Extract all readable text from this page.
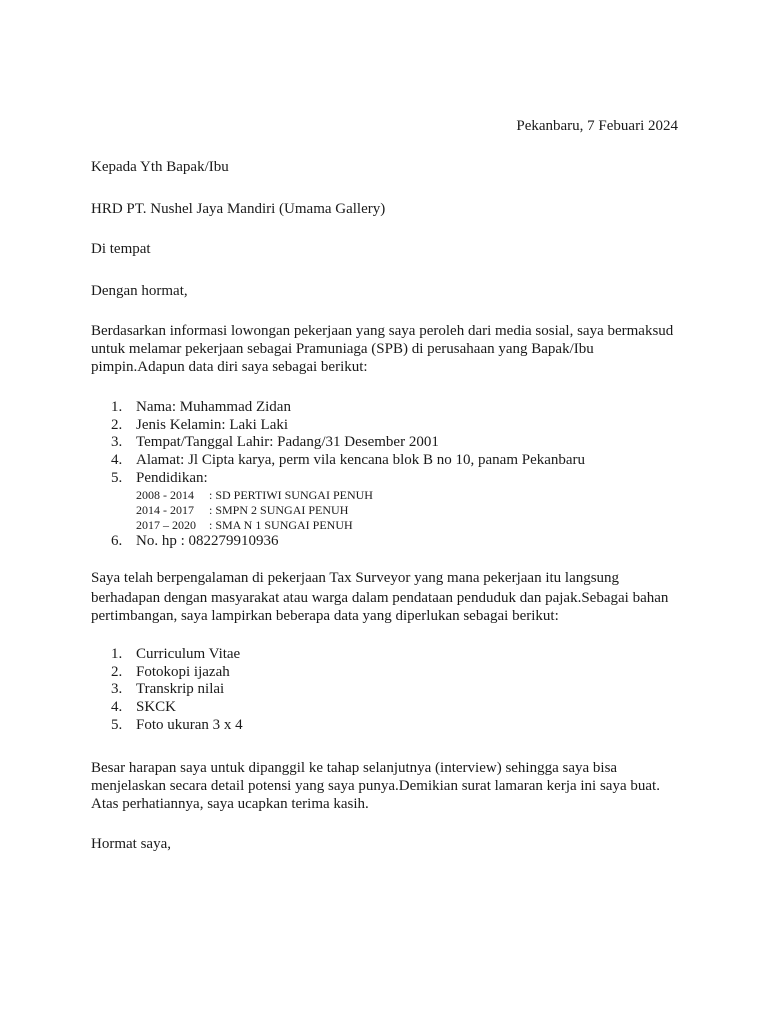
Pekanbaru, 7 Febuari 2024
Kepada Yth Bapak/Ibu
HRD PT. Nushel Jaya Mandiri (Umama Gallery)
Di tempat
Dengan hormat,
Berdasarkan informasi lowongan pekerjaan yang saya peroleh dari media sosial, saya bermaksud
untuk melamar pekerjaan sebagai Pramuniaga (SPB) di perusahaan yang Bapak/Ibu
pimpin.Adapun data diri saya sebagai berikut:
1. Nama: Muhammad Zidan
2. Jenis Kelamin: Laki Laki
3. Tempat/Tanggal Lahir: Padang/31 Desember 2001
4. Alamat: Jl Cipta karya, perm vila kencana blok B no 10, panam Pekanbaru
5. Pendidikan:
2008 - 2014 : SD PERTIWI SUNGAI PENUH
2014 - 2017 : SMPN 2 SUNGAI PENUH
2017 – 2020 : SMA N 1 SUNGAI PENUH
6. No. hp : 082279910936
Saya telah berpengalaman di pekerjaan Tax Surveyor yang mana pekerjaan itu langsung
berhadapan dengan masyarakat atau warga dalam pendataan penduduk dan pajak.Sebagai bahan
pertimbangan, saya lampirkan beberapa data yang diperlukan sebagai berikut:
1. Curriculum Vitae
2. Fotokopi ijazah
3. Transkrip nilai
4. SKCK
5. Foto ukuran 3 x 4
Besar harapan saya untuk dipanggil ke tahap selanjutnya (interview) sehingga saya bisa
menjelaskan secara detail potensi yang saya punya.Demikian surat lamaran kerja ini saya buat.
Atas perhatiannya, saya ucapkan terima kasih.
Hormat saya,
